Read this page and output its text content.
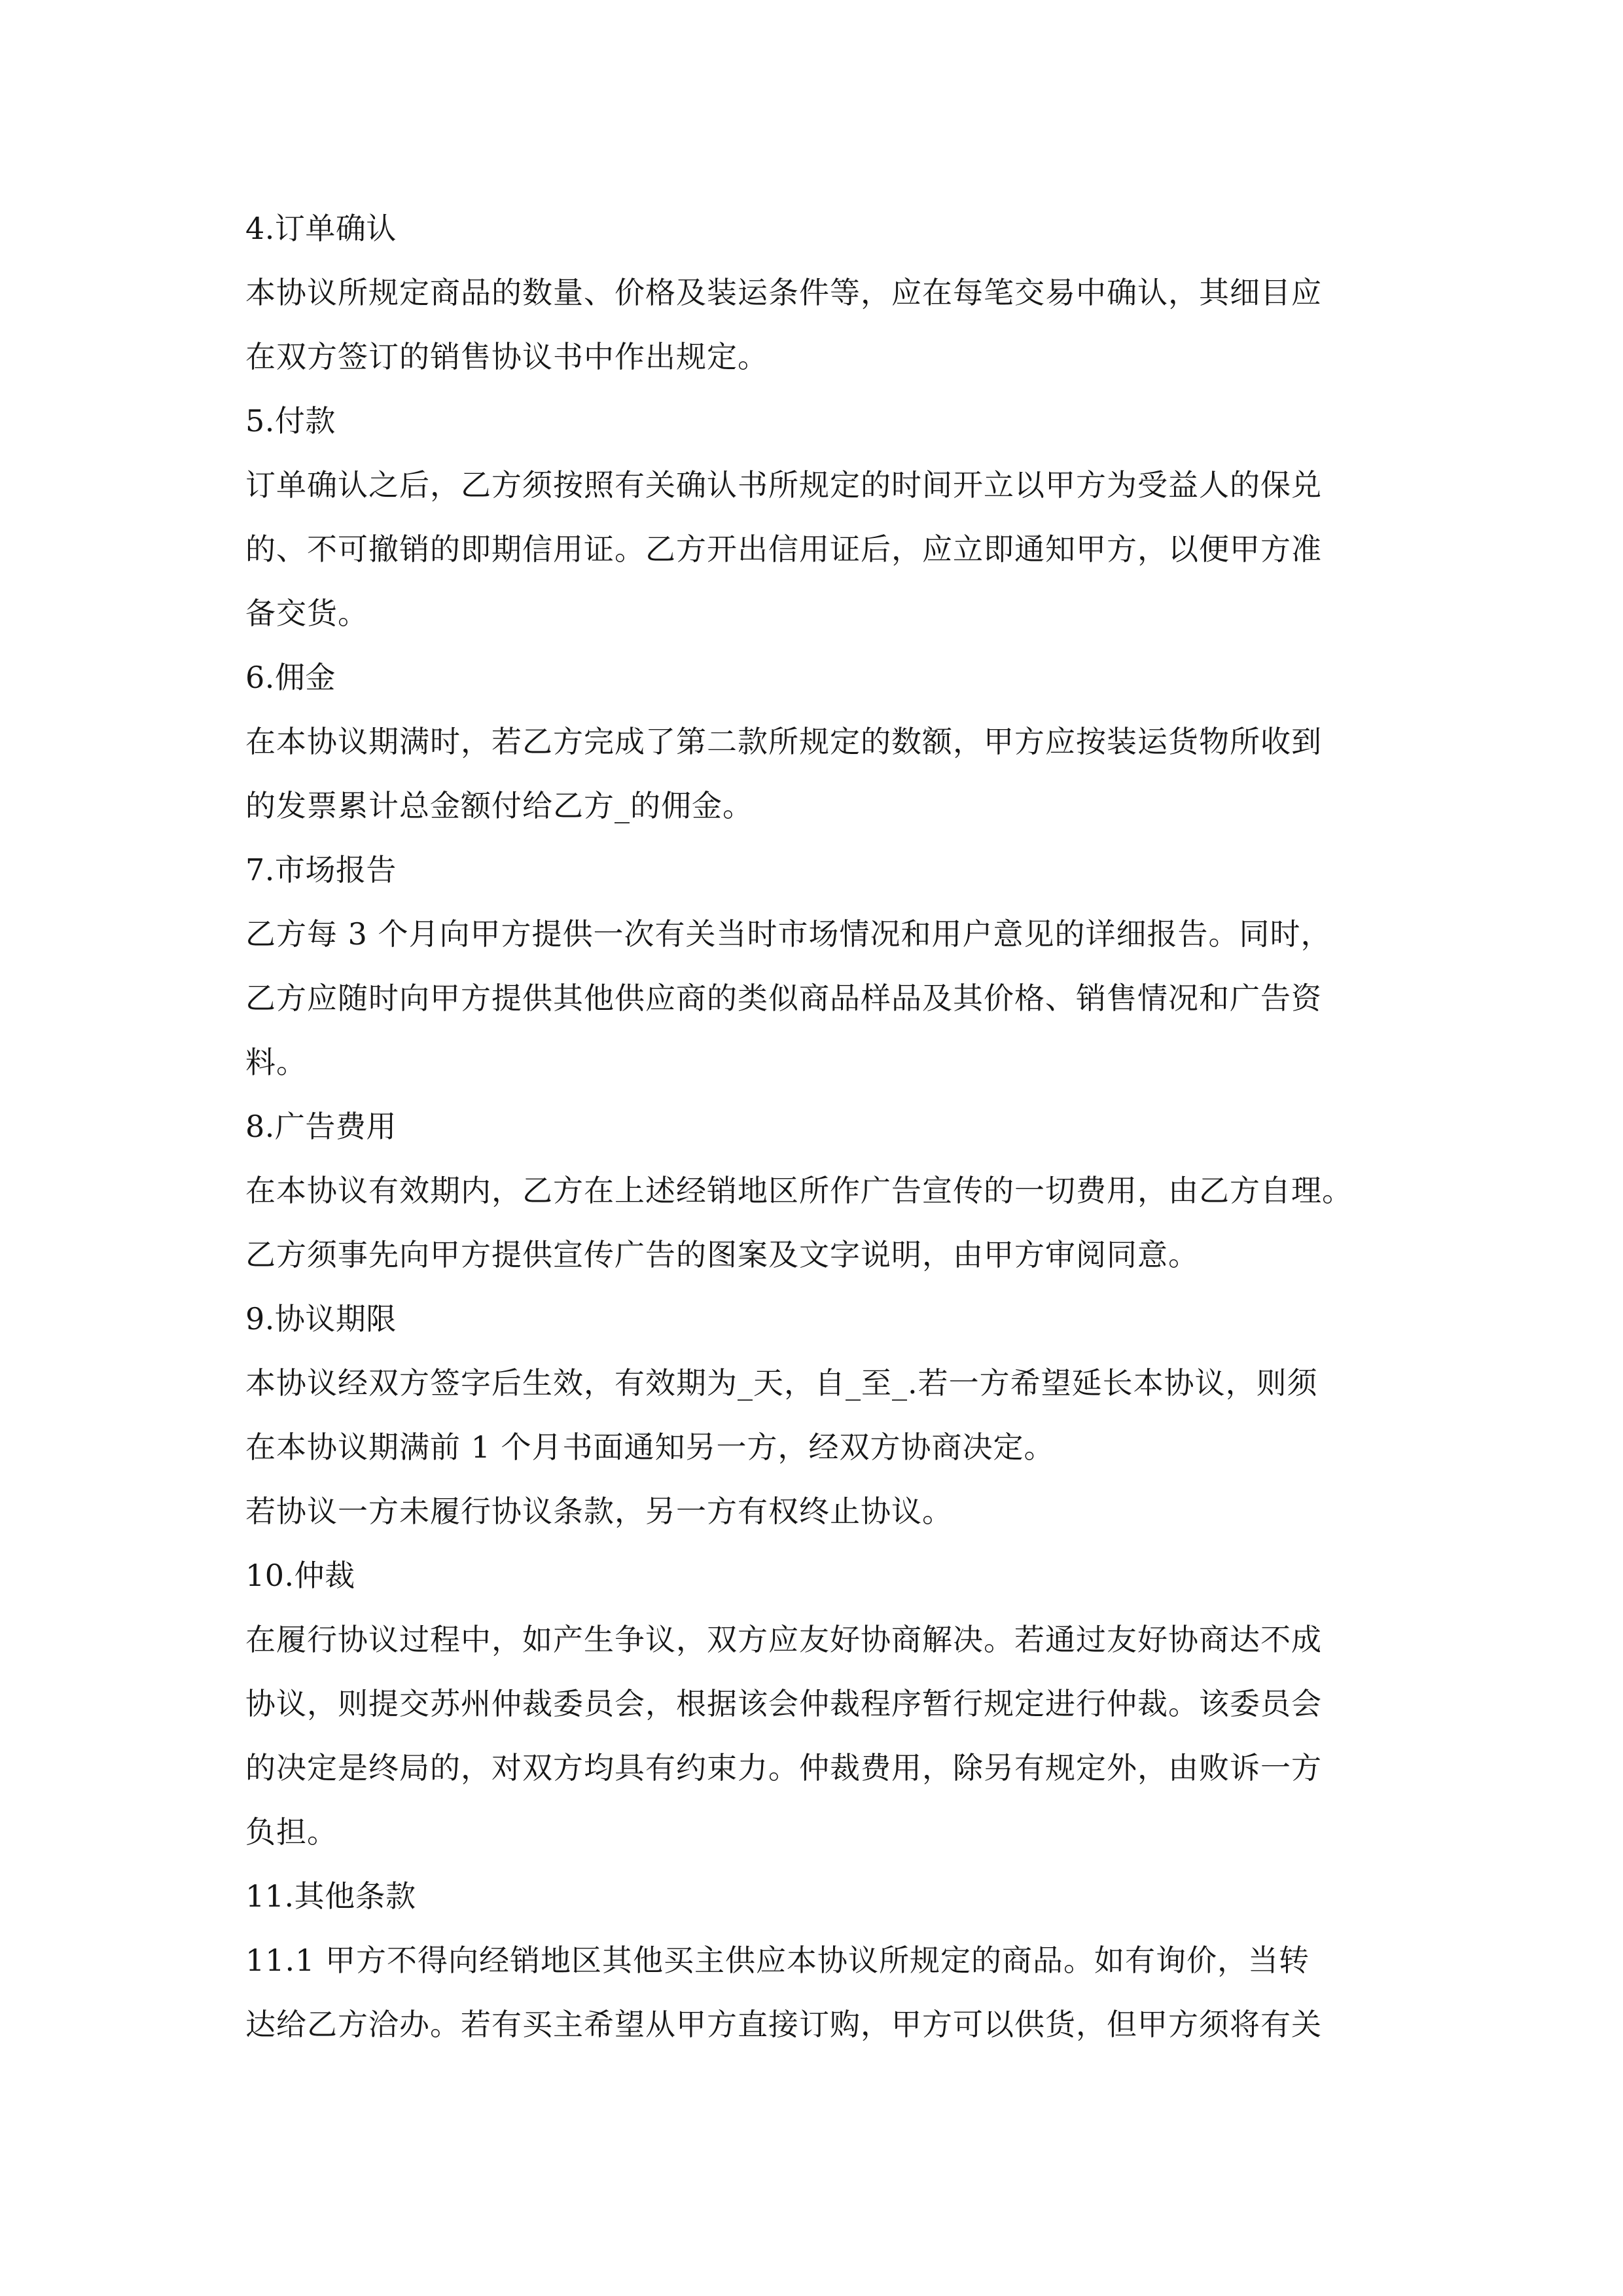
4.订单确认
本协议所规定商品的数量、价格及装运条件等，应在每笔交易中确认，其细目应
在双方签订的销售协议书中作出规定。
5.付款
订单确认之后，乙方须按照有关确认书所规定的时间开立以甲方为受益人的保兑
的、不可撤销的即期信用证。乙方开出信用证后，应立即通知甲方，以便甲方准
备交货。
6.佣金
在本协议期满时，若乙方完成了第二款所规定的数额，甲方应按装运货物所收到
的发票累计总金额付给乙方_的佣金。
7.市场报告
乙方每 3 个月向甲方提供一次有关当时市场情况和用户意见的详细报告。同时，
乙方应随时向甲方提供其他供应商的类似商品样品及其价格、销售情况和广告资
料。
8.广告费用
在本协议有效期内，乙方在上述经销地区所作广告宣传的一切费用，由乙方自理。
乙方须事先向甲方提供宣传广告的图案及文字说明，由甲方审阅同意。
9.协议期限
本协议经双方签字后生效，有效期为_天，自_至_.若一方希望延长本协议，则须
在本协议期满前 1 个月书面通知另一方，经双方协商决定。
若协议一方未履行协议条款，另一方有权终止协议。
10.仲裁
在履行协议过程中，如产生争议，双方应友好协商解决。若通过友好协商达不成
协议，则提交苏州仲裁委员会，根据该会仲裁程序暂行规定进行仲裁。该委员会
的决定是终局的，对双方均具有约束力。仲裁费用，除另有规定外，由败诉一方
负担。
11.其他条款
11.1 甲方不得向经销地区其他买主供应本协议所规定的商品。如有询价，当转
达给乙方洽办。若有买主希望从甲方直接订购，甲方可以供货，但甲方须将有关
